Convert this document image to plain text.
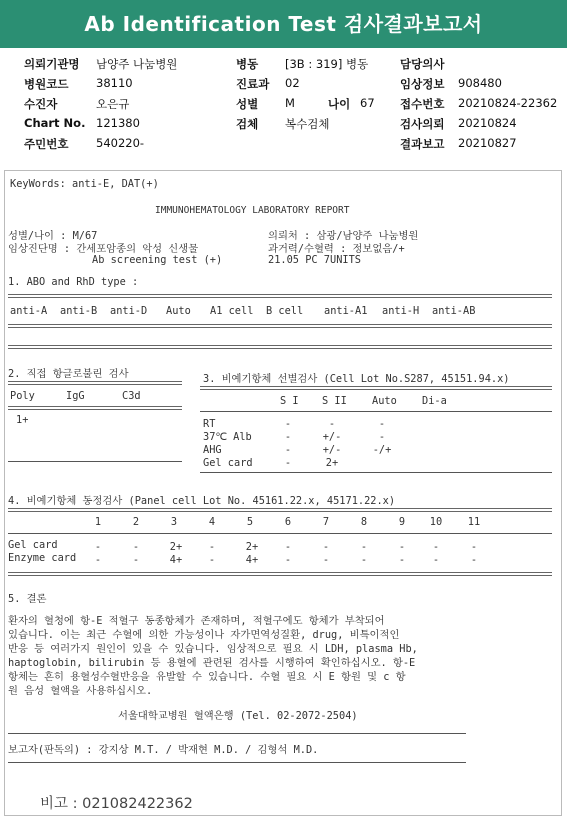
Ab Identification Test 검사결과보고서
의뢰기관명 남양주 나눔병원	병동 [3B : 319] 병동	담당의사
병원코드 38110	진료과 02	임상정보 908480
수진자	오은규	성별 M	나이 67 접수번호 20210824-22362
Chart No. 121380	검체 복수검체	검사의뢰 20210824
주민번호 540220-	결과보고 20210827
KeyWords: anti-E, DAT(+)
IMMUNOHEMATOLOGY LABORATORY REPORT
성별/나이 : M/67
임상진단명 : 간세포암종의 악성 신생물
Ab screening test (+)
의뢰처 : 삼광/남양주 나눔병원
과거력/수혈력 : 정보없음/+
21.05 PC 7UNITS
1. ABO and RhD type :
anti-A anti-B anti-D Auto A1 cell B cell anti-A1 anti-H anti-AB
2. 직접 항글로불린 검사
Poly	IgG	C3d
1+
3. 비예기항체 선별검사 (Cell Lot No.S287, 45151.94.x)
S I S II Auto Di-a
RT	-	-	-
37℃ Alb	-	+/-	-
AHG	-	+/-	-/+
Gel card	-	2+
4. 비예기항체 동정검사 (Panel cell Lot No. 45161.22.x, 45171.22.x)
1	2	3	4	5	6	7	8	9	10	11
Gel card	-	-	2+	-	2+	-	-	-	-	-	-
Enzyme card	-	-	4+	-	4+	-	-	-	-	-	-
5. 결론
환자의 혈청에 항-E 적혈구 동종항체가 존재하며, 적혈구에도 항체가 부착되어
있습니다. 이는 최근 수혈에 의한 가능성이나 자가면역성질환, drug, 비특이적인
반응 등 여러가지 원인이 있을 수 있습니다. 임상적으로 필요 시 LDH, plasma Hb,
haptoglobin, bilirubin 등 용혈에 관련된 검사를 시행하여 확인하십시오. 항-E
항체는 흔히 용혈성수혈반응을 유발할 수 있습니다. 수혈 필요 시 E 항원 및 c 항
원 음성 혈액을 사용하십시오.
서울대학교병원 혈액은행 (Tel. 02-2072-2504)
보고자(판독의) : 강지상 M.T. / 박재현 M.D. / 김형석 M.D.
비고 : 021082422362
